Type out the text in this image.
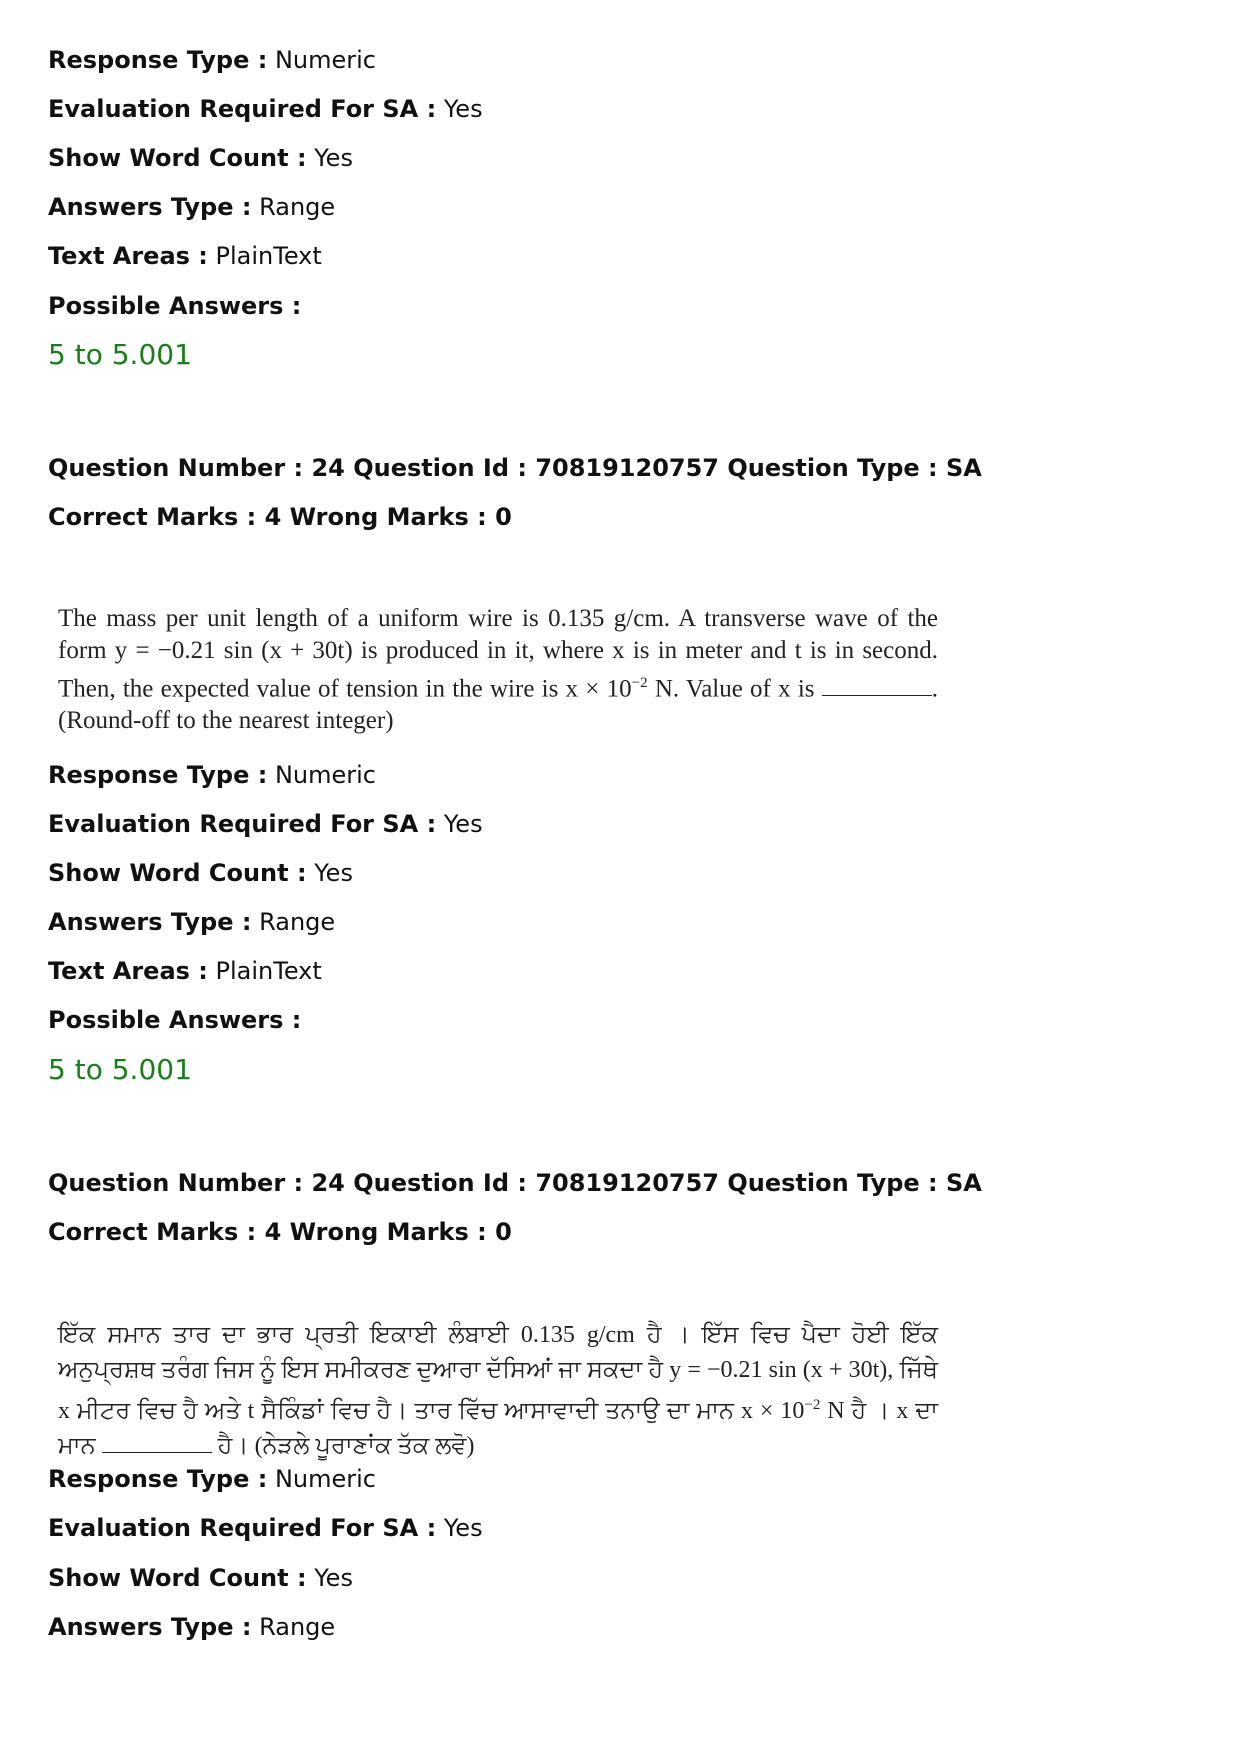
Response Type : Numeric
Evaluation Required For SA : Yes
Show Word Count : Yes
Answers Type : Range
Text Areas : PlainText
Possible Answers :
5 to 5.001
Question Number : 24 Question Id : 70819120757 Question Type : SA
Correct Marks : 4 Wrong Marks : 0
The mass per unit length of a uniform wire is 0.135 g/cm. A transverse wave of the form y = −0.21 sin (x + 30t) is produced in it, where x is in meter and t is in second. Then, the expected value of tension in the wire is $x \times 10^{-2}$ N. Value of x is	. (Round-off to the nearest integer)
Response Type : Numeric
Evaluation Required For SA : Yes
Show Word Count : Yes
Answers Type : Range
Text Areas : PlainText
Possible Answers :
5 to 5.001
Question Number : 24 Question Id : 70819120757 Question Type : SA
Correct Marks : 4 Wrong Marks : 0
ਇੱਕ ਸਮਾਨ ਤਾਰ ਦਾ ਭਾਰ ਪ੍ਰਤੀ ਇਕਾਈ ਲੰਬਾਈ 0.135 g/cm ਹੈ । ਇੱਸ ਵਿਚ ਪੈਦਾ ਹੋਈ ਇੱਕ ਅਨੁਪ੍ਰਸ਼ਥ ਤਰੰਗ ਜਿਸ ਨੂੰ ਇਸ ਸਮੀਕਰਣ ਦੁਆਰਾ ਦੱਸਿਆਂ ਜਾ ਸਕਦਾ ਹੈ y = −0.21 sin (x + 30t), ਜਿੱਥੇ x ਮੀਟਰ ਵਿਚ ਹੈ ਅਤੇ t ਸੈਕਿੰਡਾਂ ਵਿਚ ਹੈ। ਤਾਰ ਵਿੱਚ ਆਸਾਵਾਦੀ ਤਨਾਉ ਦਾ ਮਾਨ $x \times 10^{-2}$ N ਹੈ । x ਦਾ ਮਾਨ	ਹੈ। (ਨੇੜਲੇ ਪੂਰਾਣਾਂਕ ਤੱਕ ਲਵੋ)
Response Type : Numeric
Evaluation Required For SA : Yes
Show Word Count : Yes
Answers Type : Range
